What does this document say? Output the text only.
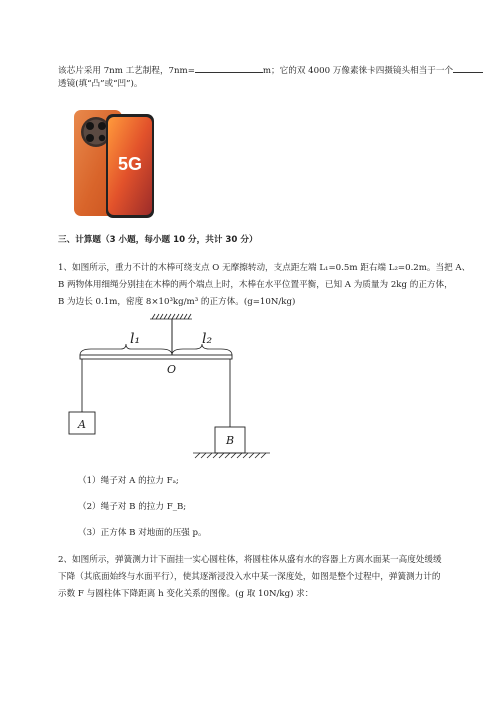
该芯片采用 7nm 工艺制程，7nm=	m；它的双 4000 万像素徕卡四摄镜头相当于一个
透镜(填“凸”或“凹”)。
5G
三、计算题（3 小题，每小题 10 分，共计 30 分）
1、如图所示，重力不计的木棒可绕支点 O 无摩擦转动，支点距左端 L₁=0.5m 距右端 L₂=0.2m。当把 A、
B 两物体用细绳分别挂在木棒的两个端点上时，木棒在水平位置平衡，已知 A 为质量为 2kg 的正方体，
B 为边长 0.1m，密度 8×10³kg/m³ 的正方体。(g=10N/kg)
l₁	l₂
O
A
B
（1）绳子对 A 的拉力 Fₐ;
（2）绳子对 B 的拉力 F_B;
（3）正方体 B 对地面的压强 p。
2、如图所示，弹簧测力计下面挂一实心圆柱体，将圆柱体从盛有水的容器上方离水面某一高度处缓缓
下降（其底面始终与水面平行），使其逐渐浸没入水中某一深度处，如图是整个过程中，弹簧测力计的
示数 F 与圆柱体下降距离 h 变化关系的图像。(g 取 10N/kg) 求：
